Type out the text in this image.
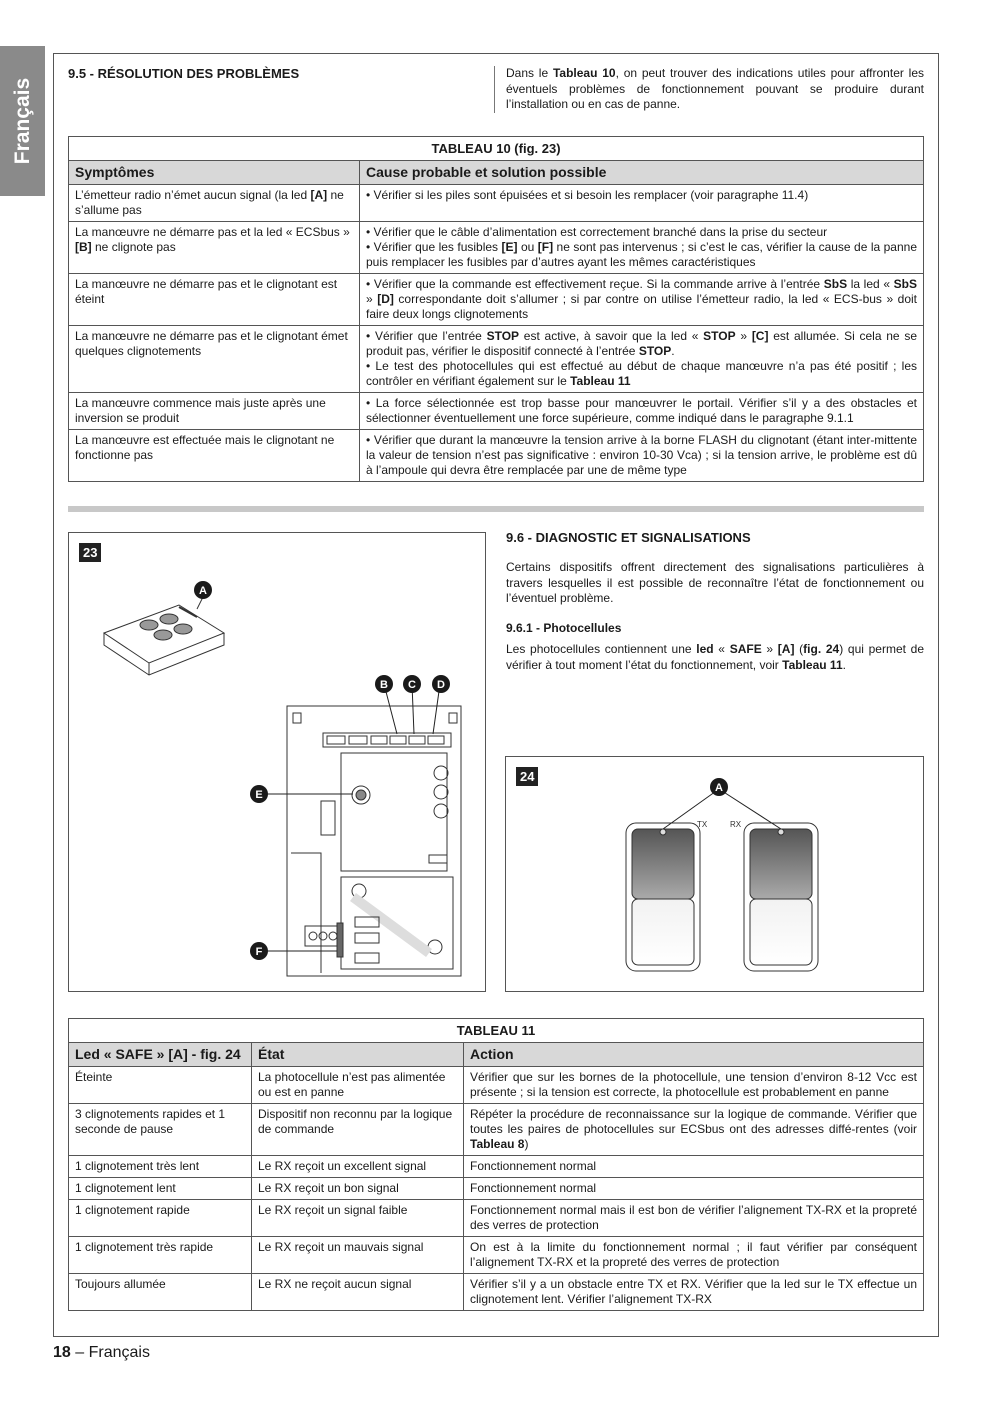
Français
9.5 - RÉSOLUTION DES PROBLÈMES	Dans le Tableau 10, on peut trouver des indications utiles pour affronter les éventuels problèmes de fonctionnement pouvant se produire durant l’installation ou en cas de panne.
TABLEAU 10 (fig. 23)	
Symptômes	Cause probable et solution possible
L’émetteur radio n’émet aucun signal (la led [A] ne s’allume pas	• Vérifier si les piles sont épuisées et si besoin les remplacer (voir paragraphe 11.4)
La manœuvre ne démarre pas et la led « ECSbus » [B] ne clignote pas	• Vérifier que le câble d’alimentation est correctement branché dans la prise du secteur
• Vérifier que les fusibles [E] ou [F] ne sont pas intervenus ; si c’est le cas, vérifier la cause de la panne puis remplacer les fusibles par d’autres ayant les mêmes caractéristiques
La manœuvre ne démarre pas et le clignotant est éteint	• Vérifier que la commande est effectivement reçue. Si la commande arrive à l’entrée SbS la led « SbS » [D] correspondante doit s’allumer ; si par contre on utilise l’émetteur radio, la led « ECS-bus » doit faire deux longs clignotements
La manœuvre ne démarre pas et le clignotant émet quelques clignotements	• Vérifier que l’entrée STOP est active, à savoir que la led « STOP » [C] est allumée. Si cela ne se produit pas, vérifier le dispositif connecté à l’entrée STOP.
• Le test des photocellules qui est effectué au début de chaque manœuvre n’a pas été positif ; les contrôler en vérifiant également sur le Tableau 11
La manœuvre commence mais juste après une inversion se produit	• La force sélectionnée est trop basse pour manœuvrer le portail. Vérifier s’il y a des obstacles et sélectionner éventuellement une force supérieure, comme indiqué dans le paragraphe 9.1.1
La manœuvre est effectuée mais le clignotant ne fonctionne pas	• Vérifier que durant la manœuvre la tension arrive à la borne FLASH du clignotant (étant inter-mittente la valeur de tension n’est pas significative : environ 10-30 Vca) ; si la tension arrive, le problème est dû à l’ampoule qui devra être remplacée par une de même type
23
A
B C D
E
F
9.6 - DIAGNOSTIC ET SIGNALISATIONS
Certains dispositifs offrent directement des signalisations particulières à travers lesquelles il est possible de reconnaître l’état de fonctionnement ou l’éventuel problème.
9.6.1 - Photocellules
Les photocellules contiennent une led « SAFE » [A] (fig. 24) qui permet de vérifier à tout moment l’état du fonctionnement, voir Tableau 11.
24
TX	RX
A
TABLEAU 11		
Led « SAFE » [A] - fig. 24	État	Action
Éteinte	La photocellule n’est pas alimentée ou est en panne	Vérifier que sur les bornes de la photocellule, une tension d’environ 8-12 Vcc est présente ; si la tension est correcte, la photocellule est probablement en panne
3 clignotements rapides et 1 seconde de pause	Dispositif non reconnu par la logique de commande	Répéter la procédure de reconnaissance sur la logique de commande. Vérifier que toutes les paires de photocellules sur ECSbus ont des adresses diffé-rentes (voir Tableau 8)
1 clignotement très lent	Le RX reçoit un excellent signal	Fonctionnement normal
1 clignotement lent	Le RX reçoit un bon signal	Fonctionnement normal
1 clignotement rapide	Le RX reçoit un signal faible	Fonctionnement normal mais il est bon de vérifier l’alignement TX-RX et la propreté des verres de protection
1 clignotement très rapide	Le RX reçoit un mauvais signal	On est à la limite du fonctionnement normal ; il faut vérifier par conséquent l’alignement TX-RX et la propreté des verres de protection
Toujours allumée	Le RX ne reçoit aucun signal	Vérifier s’il y a un obstacle entre TX et RX. Vérifier que la led sur le TX effectue un clignotement lent. Vérifier l’alignement TX-RX
18 – Français
